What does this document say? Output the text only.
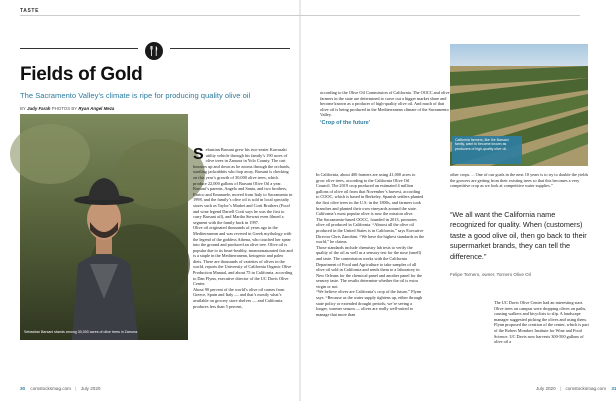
TASTE
Fields of Gold
The Sacramento Valley’s climate is ripe for producing quality olive oil
BY Judy Farah PHOTOS BY Ryan Angel Meza
Sebastian Barsani stands among 30,000 acres of olive trees in Zamora.

Sebastian Barsani grew his two-seater Kawasaki utility vehicle through his family’s 190 acres of olive trees in Zamora in Yolo County. The cart bounces up and down as he zooms through the orchards, startling jackrabbits who hop away. Barsani is checking on this year’s growth of 30,000 olive trees, which produce 22,000 gallons of Barsani Olive Oil a year.

Barsani’s parents, Angelo and Santa, and two brothers, Enrico and Emanuele, moved from Italy to Sacramento in 1998, and the family’s olive oil is sold in local specialty stores such as Taylor’s Market and Corti Brothers (Food and wine legend Darrell Corti says he was the first to carry Barsani oil), and Martha Stewart even filmed a segment with the family back in 1997.

Olive oil originated thousands of years ago in the Mediterranean and was revered in Greek mythology with the legend of the goddess Athena, who touched her spear into the ground and produced an olive tree. Olive oil is popular due to its heart-healthy, monounsaturated fats and is a staple in the Mediterranean, ketogenic and paleo diets. There are thousands of varieties of olives in the world, reports the University of California Organic Olive Production Manual, and about 75 in California, according to Dan Flynn, executive director of the UC Davis Olive Center.

About 90 percent of the world’s olive oil comes from Greece, Spain and Italy — and that’s mostly what’s available on grocery store shelves — and California produces less than 5 percent,

30 comstocksmag.com | July 2020

according to the Olive Oil Commission of California. The OOCC and olive farmers in the state are determined to carve out a bigger market share and become known as a producer of high-quality olive oil. And much of that olive oil is being produced in the Mediterranean climate of the Sacramento Valley.

‘Crop of the future’

In California, about 400 farmers are using 41,000 acres to grow olive trees, according to the California Olive Oil Council. The 2019 crop produced an estimated 4 million gallons of olive oil from that November’s harvest, according to COOC, which is based in Berkeley. Spanish settlers planted the first olive trees in the U.S. in the 1800s, and farmers took branches and planted their own vineyards around the state. California’s most popular olive is now the mission olive.

The Sacramento-based OOCC, founded in 2013, promotes olive oil produced in California. “Almost all the olive oil produced in the United States is in California,” says Executive Director Chris Zanobini. “We have the highest standards in the world,” he claims.

Those standards include chemistry lab tests to verify the quality of the oil as well as a sensory test for the nose (smell) and taste. The commission works with the California Department of Food and Agriculture to take samples of all olive oil sold in California and sends them to a laboratory in New Orleans for the chemical panel and another panel for the sensory taste. The results determine whether the oil is extra virgin or not.

“We believe olives are California’s crop of the future,” Flynn says. “Because as the water supply tightens up, either through state policy or extended drought periods, we’re seeing a longer, warmer season — olives are really well-suited to manage that more than

California farmers, like the Barsani family, want to become known as producers of high-quality olive oil.

other crops. ... One of our goals in the next 10 years is to try to double the yields the growers are getting from their existing trees so that this becomes a very competitive crop as we look at competitive water supplies.”

“We all want the California name recognized for quality. When (customers) taste a good olive oil, then go back to their supermarket brands, they can tell the difference.”
Felipe Tornero, owner, Tornero Olive Oil

The UC Davis Olive Center had an interesting start. Olive trees on campus were dropping olives on paths, causing walkers and bicyclists to slip. A landscape manager suggested picking the olives and using them. Flynn proposed the creation of the center, which is part of the Robert Mondavi Institute for Wine and Food Science. UC Davis now harvests 300-500 gallons of olive oil a

July 2020 | comstocksmag.com 31
